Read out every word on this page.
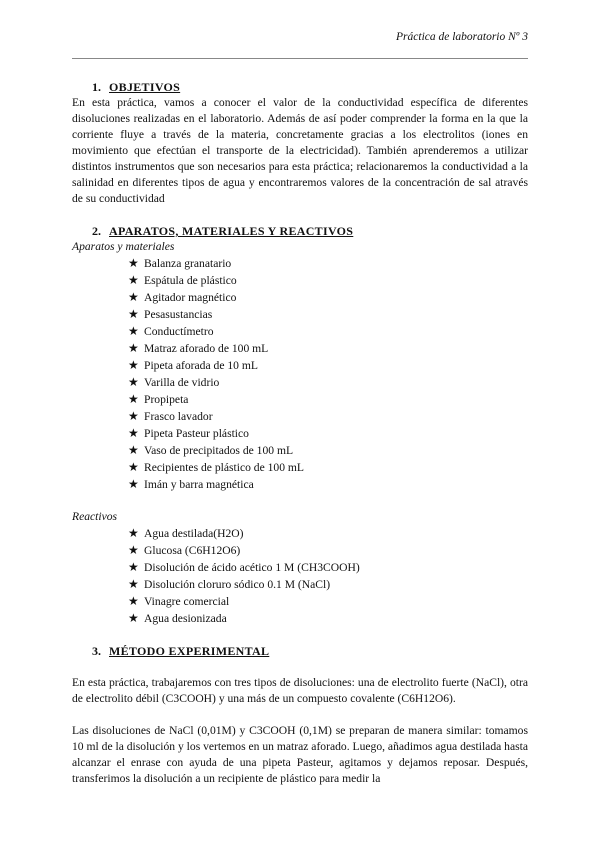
Práctica de laboratorio Nº 3
1. OBJETIVOS

En esta práctica, vamos a conocer el valor de la conductividad específica de diferentes disoluciones realizadas en el laboratorio. Además de así poder comprender la forma en la que la corriente fluye a través de la materia, concretamente gracias a los electrolitos (iones en movimiento que efectúan el transporte de la electricidad). También aprenderemos a utilizar distintos instrumentos que son necesarios para esta práctica; relacionaremos la conductividad a la salinidad en diferentes tipos de agua y encontraremos valores de la concentración de sal através de su conductividad

2. APARATOS, MATERIALES Y REACTIVOS

Aparatos y materiales

★ Balanza granatario
★ Espátula de plástico
★ Agitador magnético
★ Pesasustancias
★ Conductímetro
★ Matraz aforado de 100 mL
★ Pipeta aforada de 10 mL
★ Varilla de vidrio
★ Propipeta
★ Frasco lavador
★ Pipeta Pasteur plástico
★ Vaso de precipitados de 100 mL
★ Recipientes de plástico de 100 mL
★ Imán y barra magnética

Reactivos

★ Agua destilada(H2O)
★ Glucosa (C6H12O6)
★ Disolución de ácido acético 1 M (CH3COOH)
★ Disolución cloruro sódico 0.1 M (NaCl)
★ Vinagre comercial
★ Agua desionizada
3. MÉTODO EXPERIMENTAL

En esta práctica, trabajaremos con tres tipos de disoluciones: una de electrolito fuerte (NaCl), otra de electrolito débil (C3COOH) y una más de un compuesto covalente (C6H12O6).

Las disoluciones de NaCl (0,01M) y C3COOH (0,1M) se preparan de manera similar: tomamos 10 ml de la disolución y los vertemos en un matraz aforado. Luego, añadimos agua destilada hasta alcanzar el enrase con ayuda de una pipeta Pasteur, agitamos y dejamos reposar. Después, transferimos la disolución a un recipiente de plástico para medir la
